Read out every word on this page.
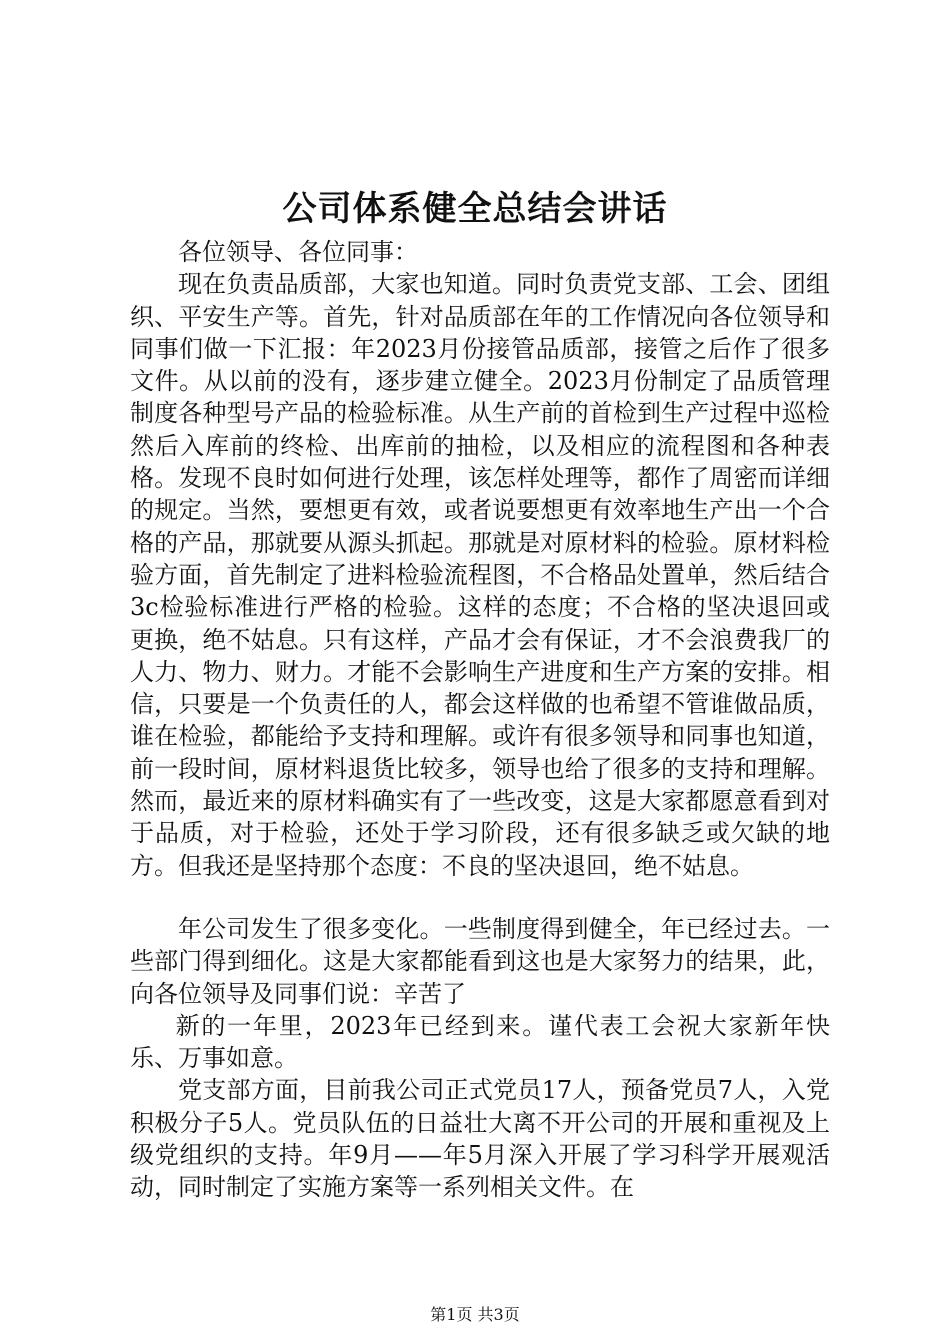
公司体系健全总结会讲话

各位领导、各位同事：

现在负责品质部，大家也知道。同时负责党支部、工会、团组织、平安生产等。首先，针对品质部在年的工作情况向各位领导和同事们做一下汇报：年2023月份接管品质部，接管之后作了很多文件。从以前的没有，逐步建立健全。2023月份制定了品质管理制度各种型号产品的检验标准。从生产前的首检到生产过程中巡检然后入库前的终检、出库前的抽检，以及相应的流程图和各种表格。发现不良时如何进行处理，该怎样处理等，都作了周密而详细的规定。当然，要想更有效，或者说要想更有效率地生产出一个合格的产品，那就要从源头抓起。那就是对原材料的检验。原材料检验方面，首先制定了进料检验流程图，不合格品处置单，然后结合3c检验标准进行严格的检验。这样的态度；不合格的坚决退回或更换，绝不姑息。只有这样，产品才会有保证，才不会浪费我厂的人力、物力、财力。才能不会影响生产进度和生产方案的安排。相信，只要是一个负责任的人，都会这样做的也希望不管谁做品质，谁在检验，都能给予支持和理解。或许有很多领导和同事也知道，前一段时间，原材料退货比较多，领导也给了很多的支持和理解。然而，最近来的原材料确实有了一些改变，这是大家都愿意看到对于品质，对于检验，还处于学习阶段，还有很多缺乏或欠缺的地方。但我还是坚持那个态度：不良的坚决退回，绝不姑息。

年公司发生了很多变化。一些制度得到健全，年已经过去。一些部门得到细化。这是大家都能看到这也是大家努力的结果，此，向各位领导及同事们说：辛苦了

新的一年里，2023年已经到来。谨代表工会祝大家新年快乐、万事如意。

党支部方面，目前我公司正式党员17人，预备党员7人，入党积极分子5人。党员队伍的日益壮大离不开公司的开展和重视及上级党组织的支持。年9月——年5月深入开展了学习科学开展观活动，同时制定了实施方案等一系列相关文件。在

第1页 共3页
